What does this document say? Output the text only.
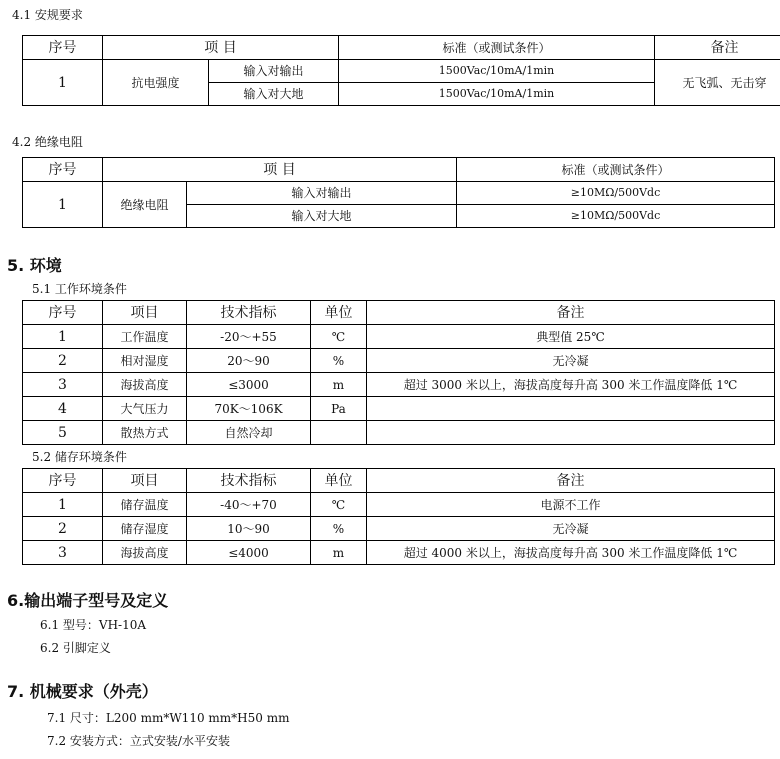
4.1 安规要求
序号	项 目		标准（或测试条件）	备注
1	抗电强度	输入对输出	1500Vac/10mA/1min	无飞弧、无击穿
		输入对大地	1500Vac/10mA/1min	
4.2 绝缘电阻
序号	项 目		标准（或测试条件）
1	绝缘电阻	输入对输出	≥10MΩ/500Vdc
		输入对大地	≥10MΩ/500Vdc
5. 环境
5.1 工作环境条件
序号	项目	技术指标	单位	备注
1	工作温度	-20～+55	℃	典型值 25℃
2	相对湿度	20～90	%	无冷凝
3	海拔高度	≤3000	m	超过 3000 米以上，海拔高度每升高 300 米工作温度降低 1℃
4	大气压力	70K～106K	Pa	
5	散热方式	自然冷却		
5.2 储存环境条件
序号	项目	技术指标	单位	备注
1	储存温度	-40～+70	℃	电源不工作
2	储存湿度	10～90	%	无冷凝
3	海拔高度	≤4000	m	超过 4000 米以上，海拔高度每升高 300 米工作温度降低 1℃
6.输出端子型号及定义
6.1 型号：VH-10A
6.2 引脚定义
7. 机械要求（外壳）
7.1 尺寸：L200 mm*W110 mm*H50 mm
7.2 安装方式：立式安装/水平安装
